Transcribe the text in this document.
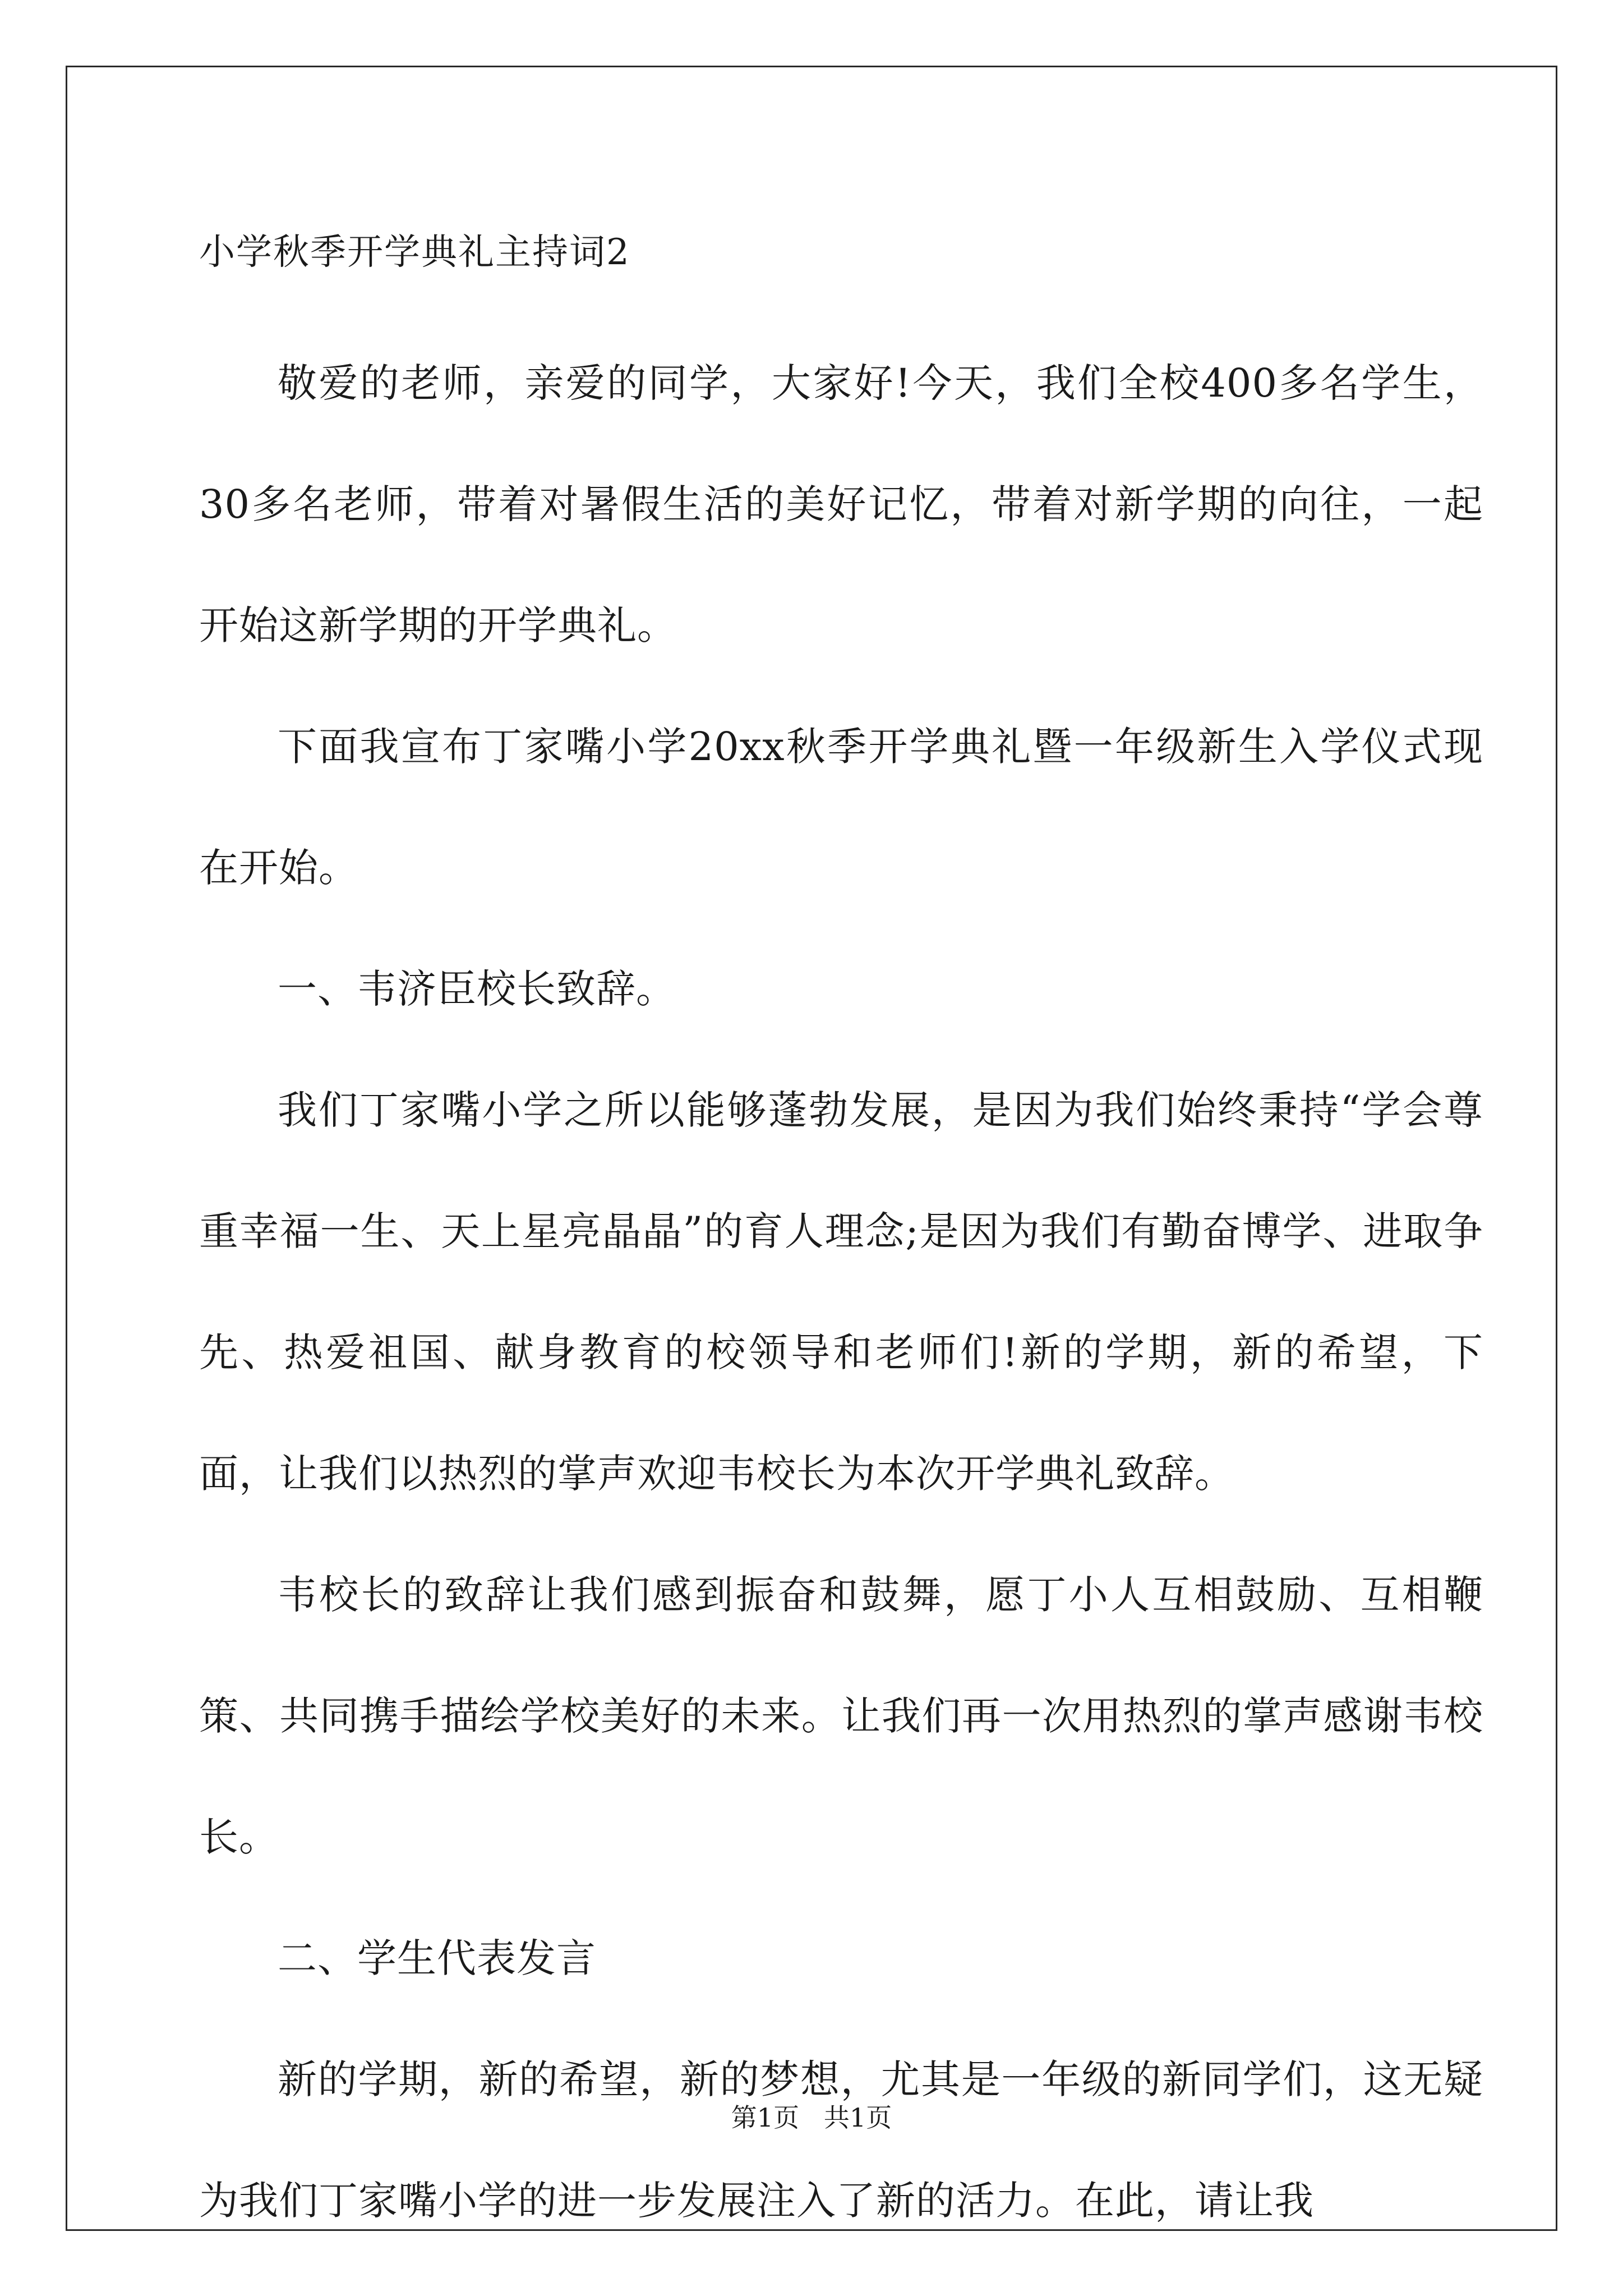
小学秋季开学典礼主持词2

敬爱的老师，亲爱的同学，大家好!今天，我们全校400多名学生，30多名老师，带着对暑假生活的美好记忆，带着对新学期的向往，一起开始这新学期的开学典礼。

下面我宣布丁家嘴小学20xx秋季开学典礼暨一年级新生入学仪式现在开始。

一、韦济臣校长致辞。

我们丁家嘴小学之所以能够蓬勃发展，是因为我们始终秉持“学会尊重幸福一生、天上星亮晶晶”的育人理念;是因为我们有勤奋博学、进取争先、热爱祖国、献身教育的校领导和老师们!新的学期，新的希望，下面，让我们以热烈的掌声欢迎韦校长为本次开学典礼致辞。

韦校长的致辞让我们感到振奋和鼓舞，愿丁小人互相鼓励、互相鞭策、共同携手描绘学校美好的未来。让我们再一次用热烈的掌声感谢韦校长。

二、学生代表发言

新的学期，新的希望，新的梦想，尤其是一年级的新同学们，这无疑为我们丁家嘴小学的进一步发展注入了新的活力。在此，请让我

第1页   共1页
